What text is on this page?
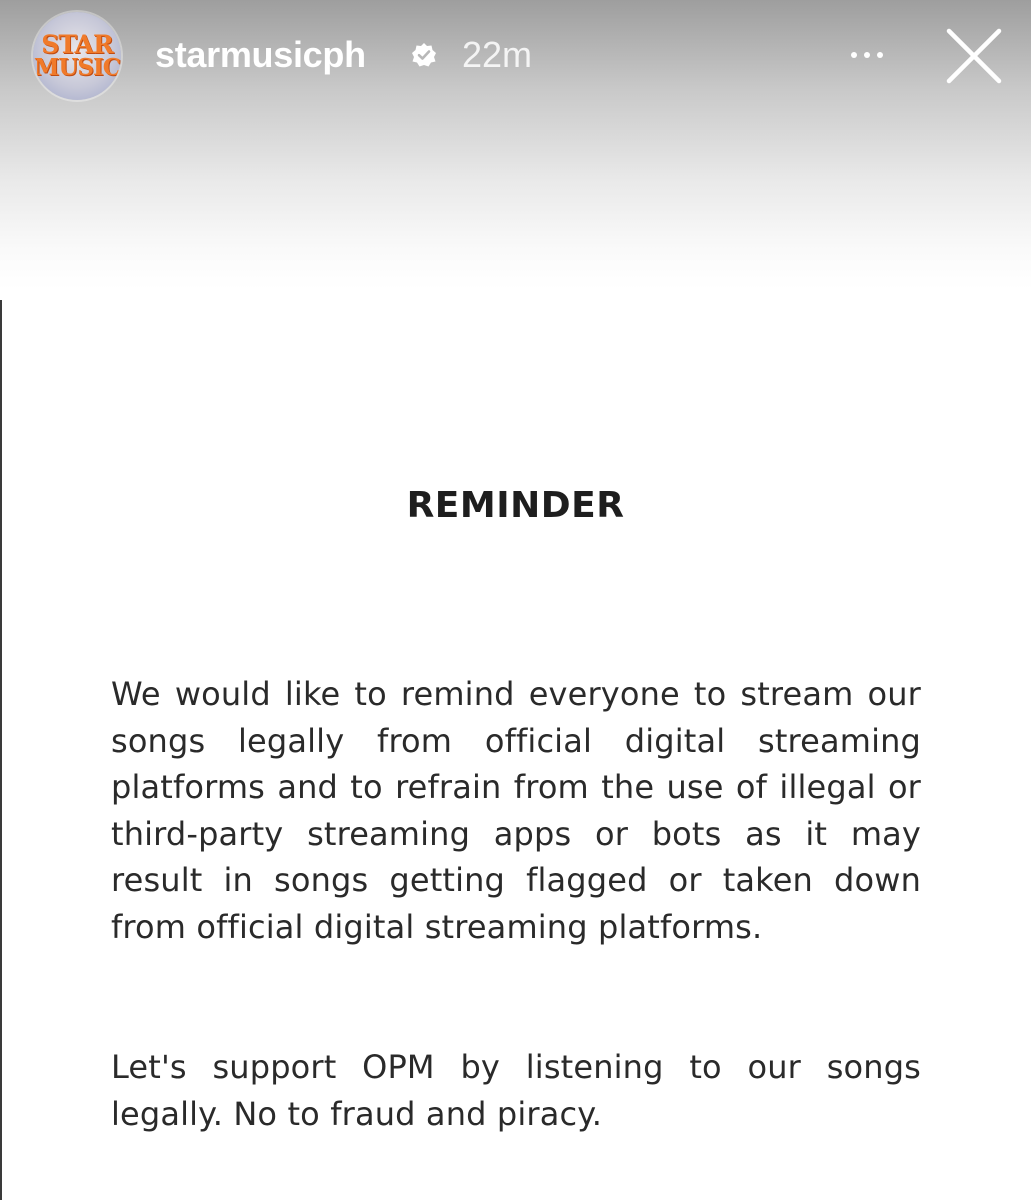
STAR
MUSIC starmusicph	22m
REMINDER

We would like to remind everyone to stream our songs legally from official digital streaming platforms and to refrain from the use of illegal or third-party streaming apps or bots as it may result in songs getting flagged or taken down from official digital streaming platforms.

Let's support OPM by listening to our songs legally. No to fraud and piracy.
